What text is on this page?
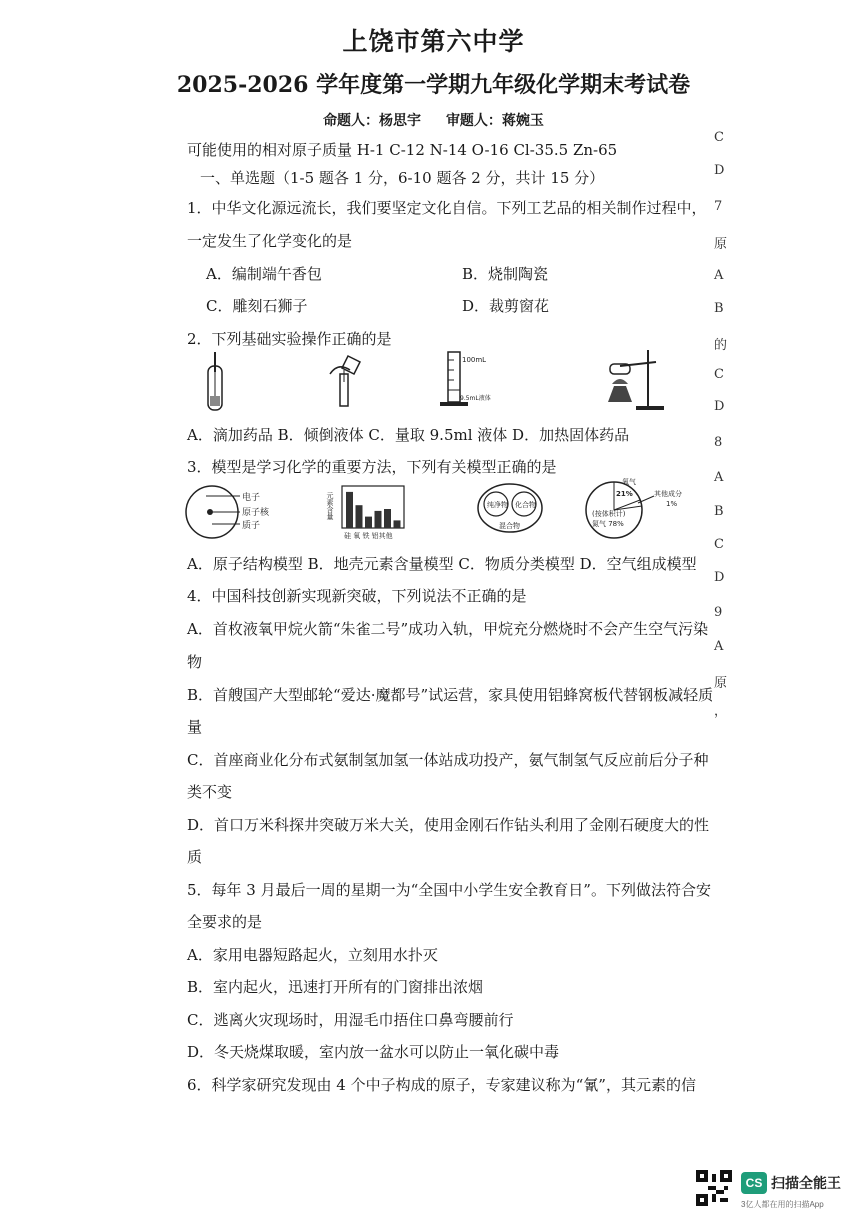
上饶市第六中学
2025-2026 学年度第一学期九年级化学期末考试卷
命题人：杨思宇 审题人：蒋婉玉
可能使用的相对原子质量 H-1 C-12 N-14 O-16 Cl-35.5 Zn-65
一、单选题（1-5 题各 1 分，6-10 题各 2 分，共计 15 分）
1．中华文化源远流长，我们要坚定文化自信。下列工艺品的相关制作过程中，
一定发生了化学变化的是
A．编制端午香包	B．烧制陶瓷
C．雕刻石狮子	D．裁剪窗花
2．下列基础实验操作正确的是
100mL
9.5mL液体
A．滴加药品 B．倾倒液体 C．量取 9.5ml 液体 D．加热固体药品
3．模型是学习化学的重要方法，下列有关模型正确的是
电子
原子核
质子
元素含量
硅 氧 铁 铝其他
纯净物 化合物
混合物
氧气
21%	其他成分
1%
(按体积计)
氮气 78%
A．原子结构模型 B．地壳元素含量模型 C．物质分类模型 D．空气组成模型
4．中国科技创新实现新突破，下列说法不正确的是
A．首枚液氧甲烷火箭“朱雀二号”成功入轨，甲烷充分燃烧时不会产生空气污染
物
B．首艘国产大型邮轮“爱达·魔都号”试运营，家具使用铝蜂窝板代替钢板减轻质
量
C．首座商业化分布式氨制氢加氢一体站成功投产，氨气制氢气反应前后分子种
类不变
D．首口万米科探井突破万米大关，使用金刚石作钻头利用了金刚石硬度大的性
质
5．每年 3 月最后一周的星期一为“全国中小学生安全教育日”。下列做法符合安
全要求的是
A．家用电器短路起火，立刻用水扑灭
B．室内起火，迅速打开所有的门窗排出浓烟
C．逃离火灾现场时，用湿毛巾捂住口鼻弯腰前行
D．冬天烧煤取暖，室内放一盆水可以防止一氧化碳中毒
6．科学家研究发现由 4 个中子构成的原子，专家建议称为“氰”，其元素的信
C
D
7
原
A
B
的
C
D
8
A
B
C
D
9
A
原
，
CS 扫描全能王
3亿人都在用的扫描App
